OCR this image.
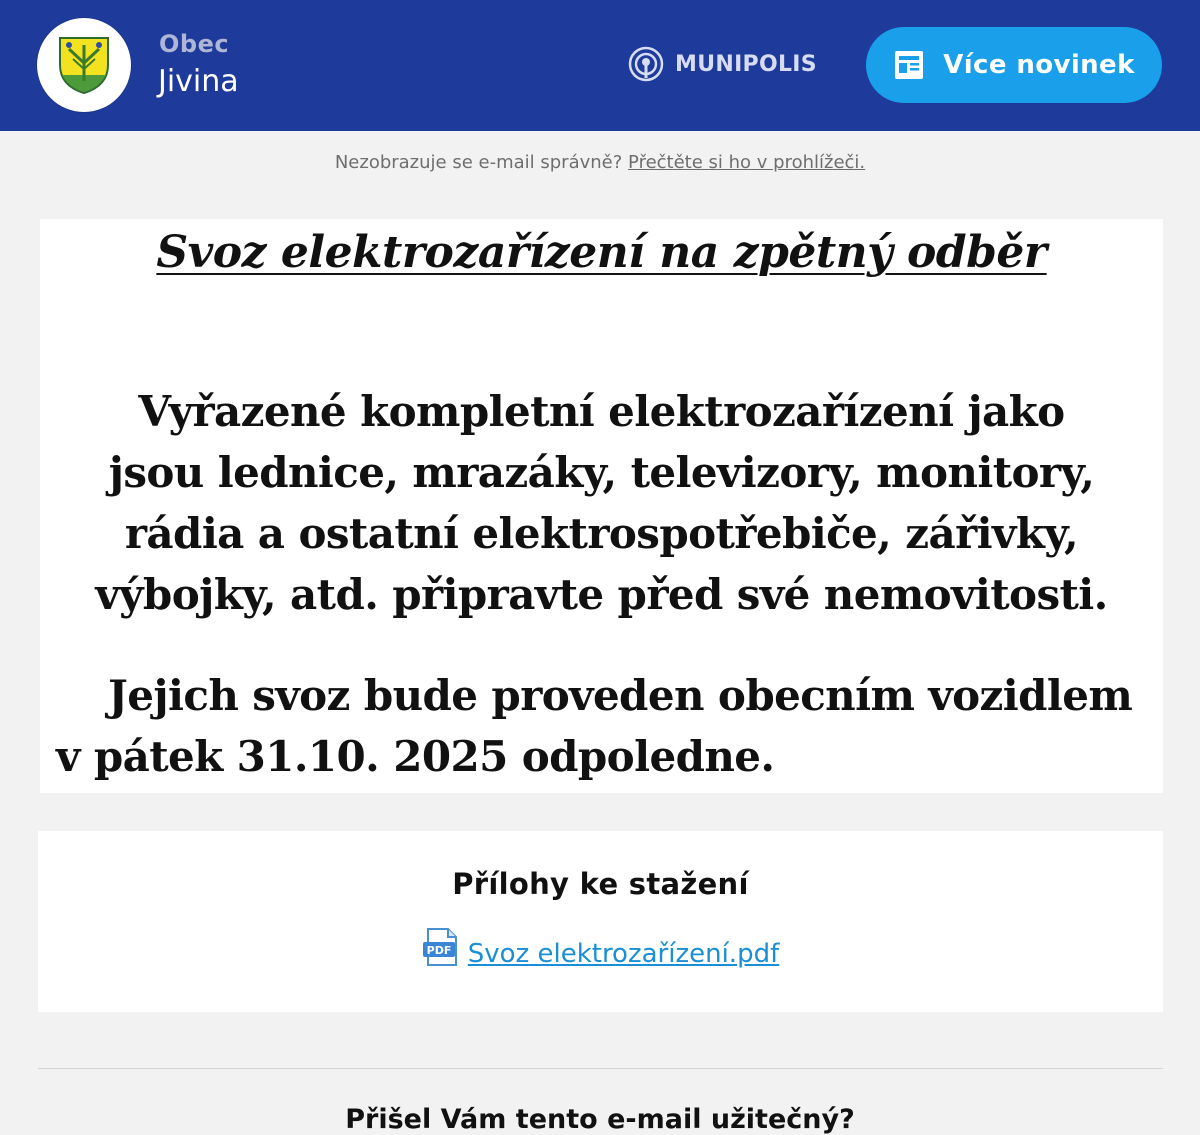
Obec
Jivina	MUNIPOLIS	Více novinek
Nezobrazuje se e-mail správně? Přečtěte si ho v prohlížeči.
Svoz elektrozařízení na zpětný odběr
Vyřazené kompletní elektrozařízení jako
jsou lednice, mrazáky, televizory, monitory,
rádia a ostatní elektrospotřebiče, zářivky,
výbojky, atd. připravte před své nemovitosti.
Jejich svoz bude proveden obecním vozidlem
v pátek 31.10. 2025 odpoledne.
Přílohy ke stažení
PDF Svoz elektrozařízení.pdf
Přišel Vám tento e-mail užitečný?
